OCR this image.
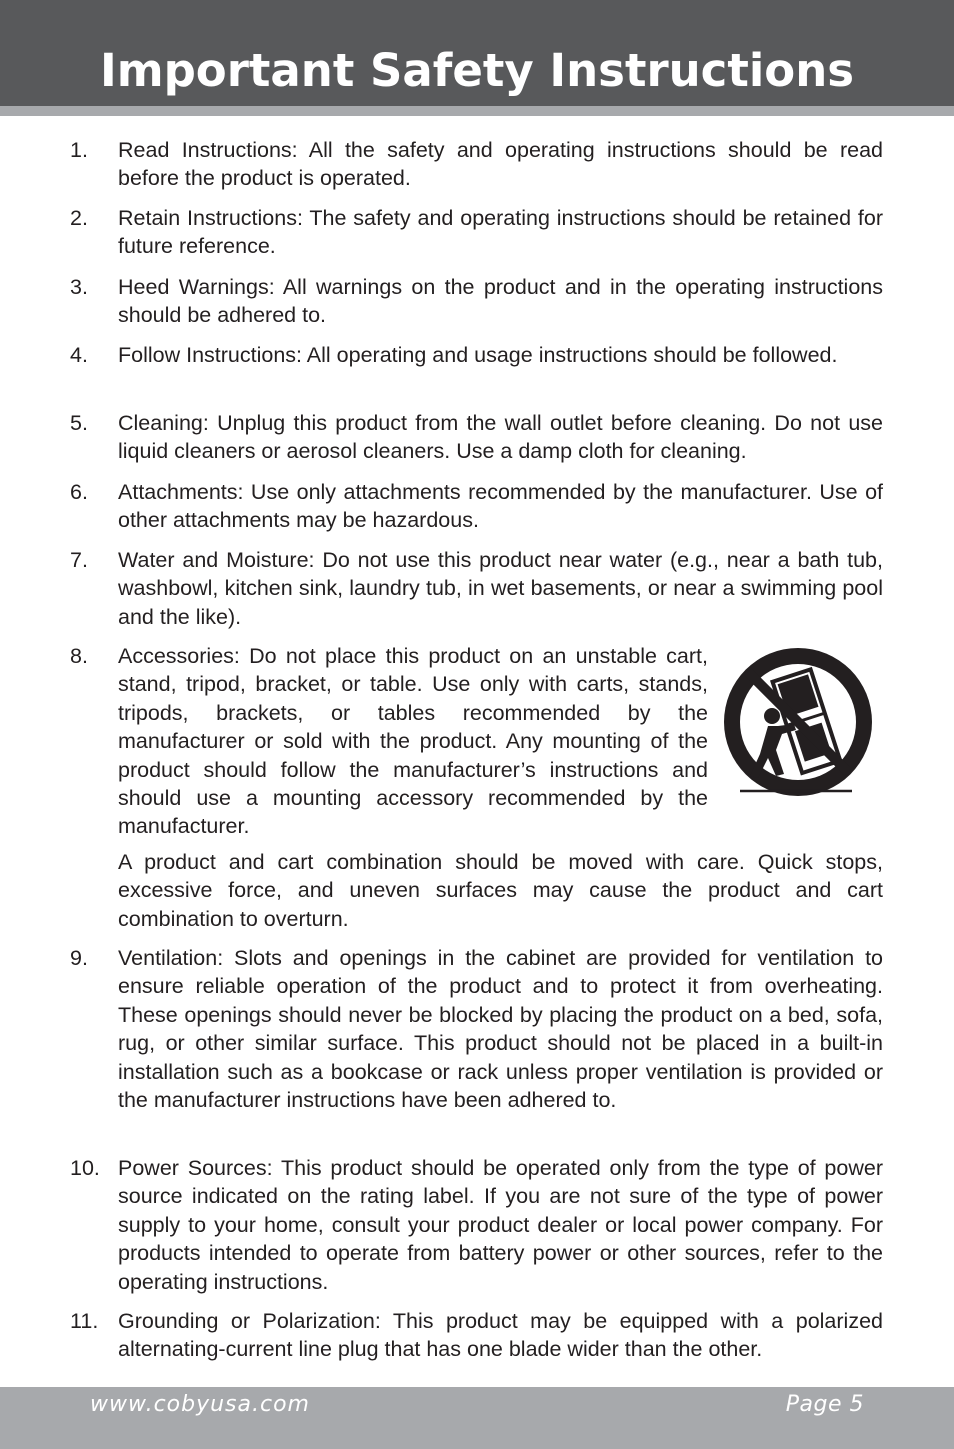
Important Safety Instructions
1. Read Instructions: All the safety and operating instructions should be read before the product is operated.

2. Retain Instructions: The safety and operating instructions should be retained for future reference.

3. Heed Warnings: All warnings on the product and in the operating instructions should be adhered to.

4. Follow Instructions: All operating and usage instructions should be followed.

5. Cleaning: Unplug this product from the wall outlet before cleaning. Do not use liquid cleaners or aerosol cleaners. Use a damp cloth for cleaning.

6. Attachments: Use only attachments recommended by the manufacturer. Use of other attachments may be hazardous.

7. Water and Moisture: Do not use this product near water (e.g., near a bath tub, washbowl, kitchen sink, laundry tub, in wet basements, or near a swimming pool and the like).

8. Accessories: Do not place this product on an unstable cart, stand, tripod, bracket, or table. Use only with carts, stands, tripods, brackets, or tables recommended by the manufacturer or sold with the product. Any mounting of the product should follow the manufacturer’s instructions and should use a mounting accessory recommended by the manufacturer.

A product and cart combination should be moved with care. Quick stops, excessive force, and uneven surfaces may cause the product and cart combination to overturn.

9. Ventilation: Slots and openings in the cabinet are provided for ventilation to ensure reliable operation of the product and to protect it from overheating. These openings should never be blocked by placing the product on a bed, sofa, rug, or other similar surface. This product should not be placed in a built-in installation such as a bookcase or rack unless proper ventilation is provided or the manufacturer instructions have been adhered to.

10. Power Sources: This product should be operated only from the type of power source indicated on the rating label. If you are not sure of the type of power supply to your home, consult your product dealer or local power company. For products intended to operate from battery power or other sources, refer to the operating instructions.

11. Grounding or Polarization: This product may be equipped with a polarized alternating-current line plug that has one blade wider than the other.

www.cobyusa.com	Page 5
